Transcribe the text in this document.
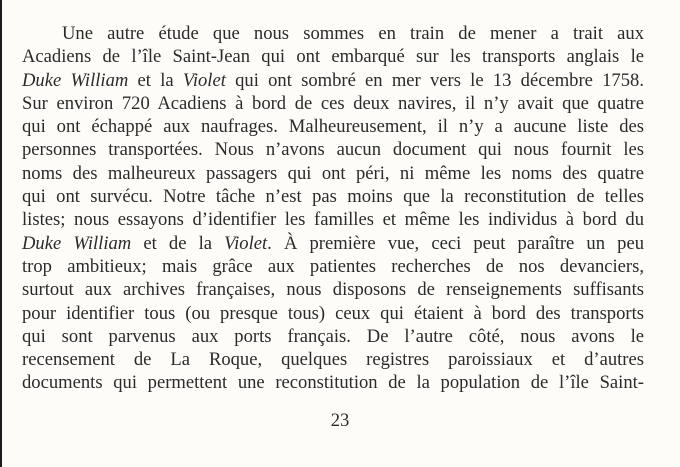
Une autre étude que nous sommes en train de mener a trait aux
Acadiens de l’île Saint-Jean qui ont embarqué sur les transports anglais le
Duke William et la Violet qui ont sombré en mer vers le 13 décembre 1758.
Sur environ 720 Acadiens à bord de ces deux navires, il n’y avait que quatre
qui ont échappé aux naufrages. Malheureusement, il n’y a aucune liste des
personnes transportées. Nous n’avons aucun document qui nous fournit les
noms des malheureux passagers qui ont péri, ni même les noms des quatre
qui ont survécu. Notre tâche n’est pas moins que la reconstitution de telles
listes; nous essayons d’identifier les familles et même les individus à bord du
Duke William et de la Violet. À première vue, ceci peut paraître un peu
trop ambitieux; mais grâce aux patientes recherches de nos devanciers,
surtout aux archives françaises, nous disposons de renseignements suffisants
pour identifier tous (ou presque tous) ceux qui étaient à bord des transports
qui sont parvenus aux ports français. De l’autre côté, nous avons le
recensement de La Roque, quelques registres paroissiaux et d’autres
documents qui permettent une reconstitution de la population de l’île Saint-
23
